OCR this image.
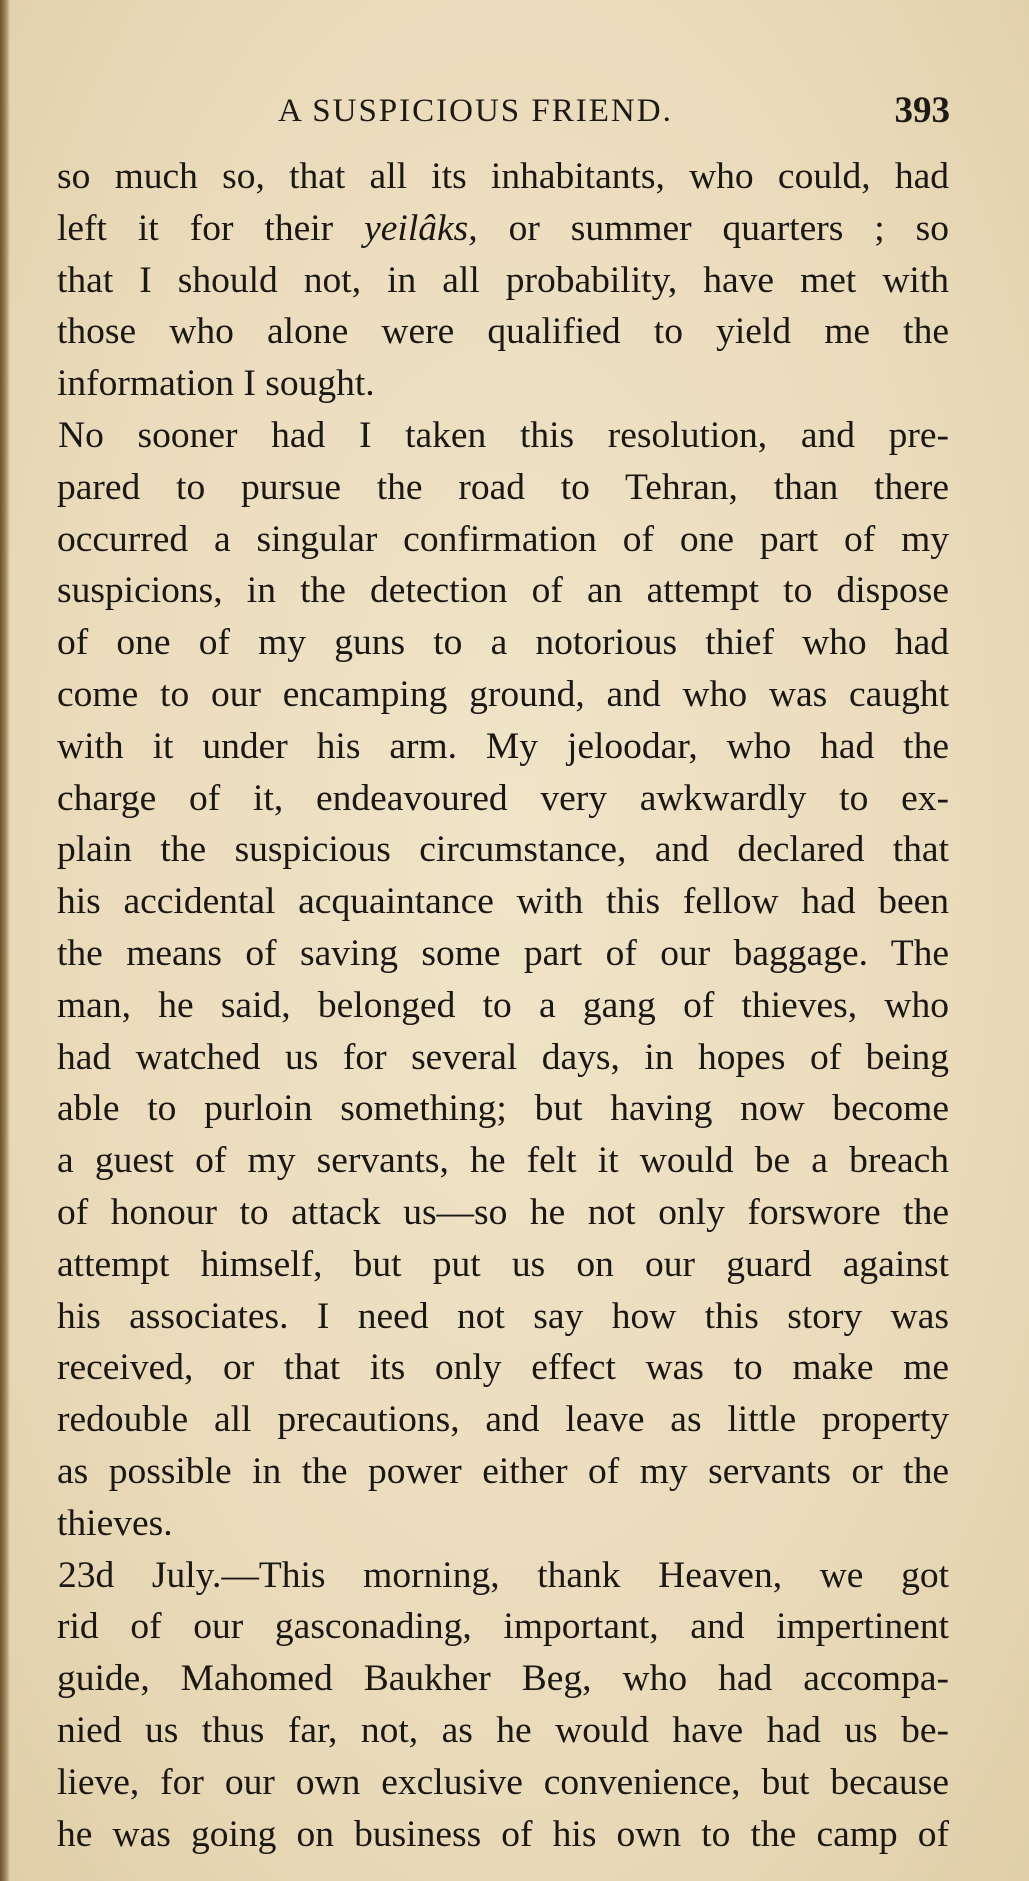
A SUSPICIOUS FRIEND.	393
so much so, that all its inhabitants, who could, had
left it for their yeilâks, or summer quarters ; so
that I should not, in all probability, have met with
those who alone were qualified to yield me the
information I sought.
No sooner had I taken this resolution, and pre-
pared to pursue the road to Tehran, than there
occurred a singular confirmation of one part of my
suspicions, in the detection of an attempt to dispose
of one of my guns to a notorious thief who had
come to our encamping ground, and who was caught
with it under his arm. My jeloodar, who had the
charge of it, endeavoured very awkwardly to ex-
plain the suspicious circumstance, and declared that
his accidental acquaintance with this fellow had been
the means of saving some part of our baggage. The
man, he said, belonged to a gang of thieves, who
had watched us for several days, in hopes of being
able to purloin something; but having now become
a guest of my servants, he felt it would be a breach
of honour to attack us—so he not only forswore the
attempt himself, but put us on our guard against
his associates. I need not say how this story was
received, or that its only effect was to make me
redouble all precautions, and leave as little property
as possible in the power either of my servants or the
thieves.
23d July.—This morning, thank Heaven, we got
rid of our gasconading, important, and impertinent
guide, Mahomed Baukher Beg, who had accompa-
nied us thus far, not, as he would have had us be-
lieve, for our own exclusive convenience, but because
he was going on business of his own to the camp of
